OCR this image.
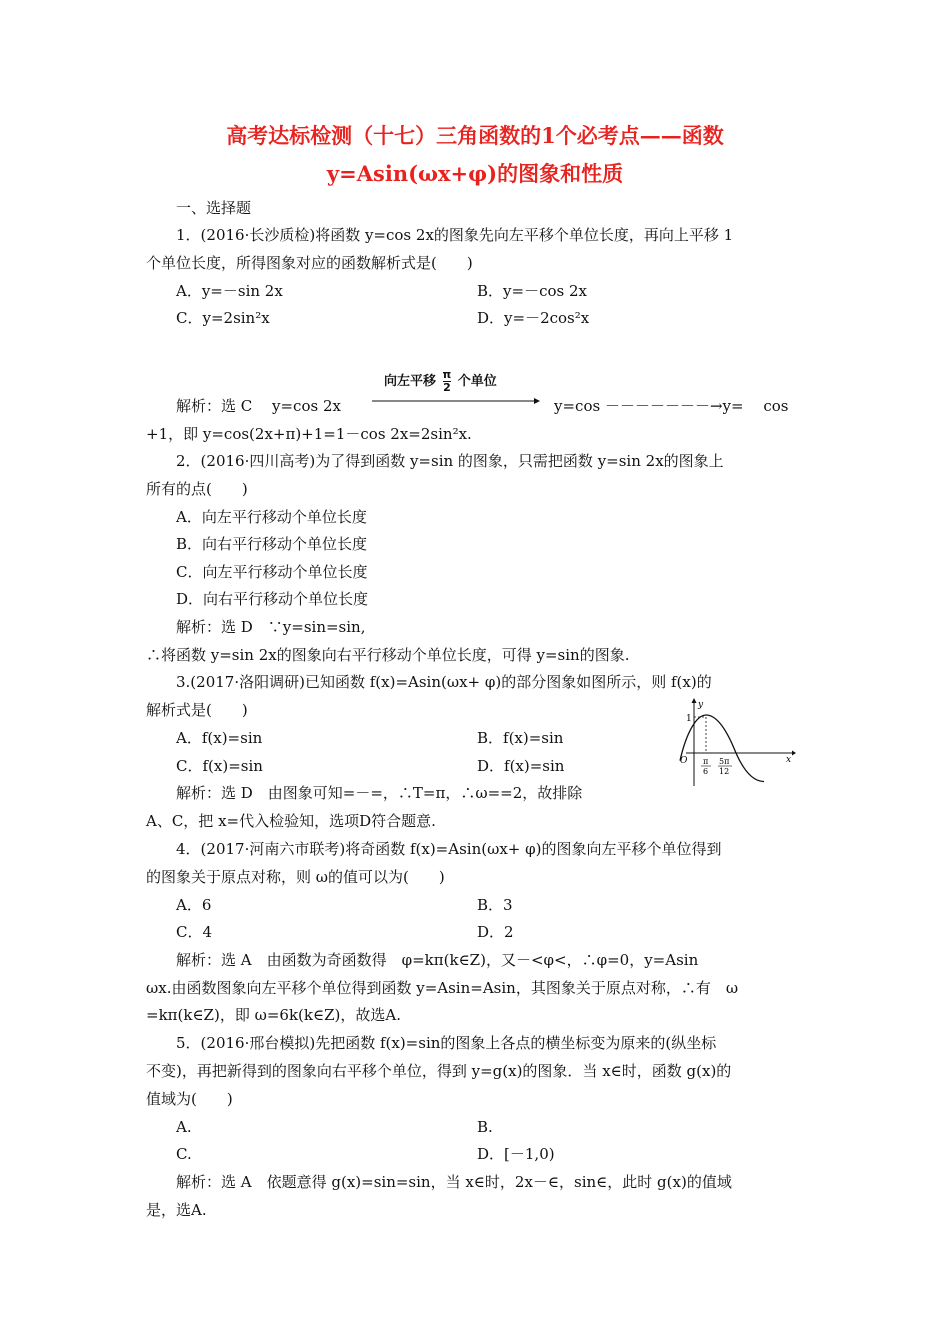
高考达标检测（十七）三角函数的1个必考点——函数
y=Asin(ωx+φ)的图象和性质
一、选择题
1．(2016·长沙质检)将函数 y=cos 2x的图象先向左平移个单位长度，再向上平移 1
个单位长度，所得图象对应的函数解析式是(　　)
A．y=－sin 2x	B．y=－cos 2x
C．y=2sin²x	D．y=－2cos²x
向左平移 $\frac{\pi}{2}$ 个单位
解析：选 C　 y=cos 2x	y=cos －－－－－－－→y=　 cos
+1，即 y=cos(2x+π)+1=1－cos 2x=2sin²x.
2．(2016·四川高考)为了得到函数 y=sin 的图象，只需把函数 y=sin 2x的图象上
所有的点(　　)
A．向左平行移动个单位长度
B．向右平行移动个单位长度
C．向左平行移动个单位长度
D．向右平行移动个单位长度
解析：选 D　∵y=sin=sin,
∴将函数 y=sin 2x的图象向右平行移动个单位长度，可得 y=sin的图象.
3.(2017·洛阳调研)已知函数 f(x)=Asin(ωx+ φ)的部分图象如图所示，则 f(x)的
解析式是(　　)
A．f(x)=sin	B．f(x)=sin
C．f(x)=sin	D．f(x)=sin
解析：选 D　由图象可知=－=，∴T=π，∴ω==2，故排除
A、C，把 x=代入检验知，选项D符合题意.
y
x
O
1
π
6
5π
12
4．(2017·河南六市联考)将奇函数 f(x)=Asin(ωx+ φ)的图象向左平移个单位得到
的图象关于原点对称，则 ω的值可以为(　　)
A．6	B．3
C．4	D．2
解析：选 A　由函数为奇函数得　φ=kπ(k∈Z)，又－<φ<，∴φ=0，y=Asin
ωx.由函数图象向左平移个单位得到函数 y=Asin=Asin，其图象关于原点对称，∴有　ω
=kπ(k∈Z)，即 ω=6k(k∈Z)，故选A.
5．(2016·邢台模拟)先把函数 f(x)=sin的图象上各点的横坐标变为原来的(纵坐标
不变)，再把新得到的图象向右平移个单位，得到 y=g(x)的图象．当 x∈时，函数 g(x)的
值域为(　　)
A.	B.
C.	D．[－1,0)
解析：选 A　依题意得 g(x)=sin=sin，当 x∈时，2x－∈，sin∈，此时 g(x)的值域
是，选A.
